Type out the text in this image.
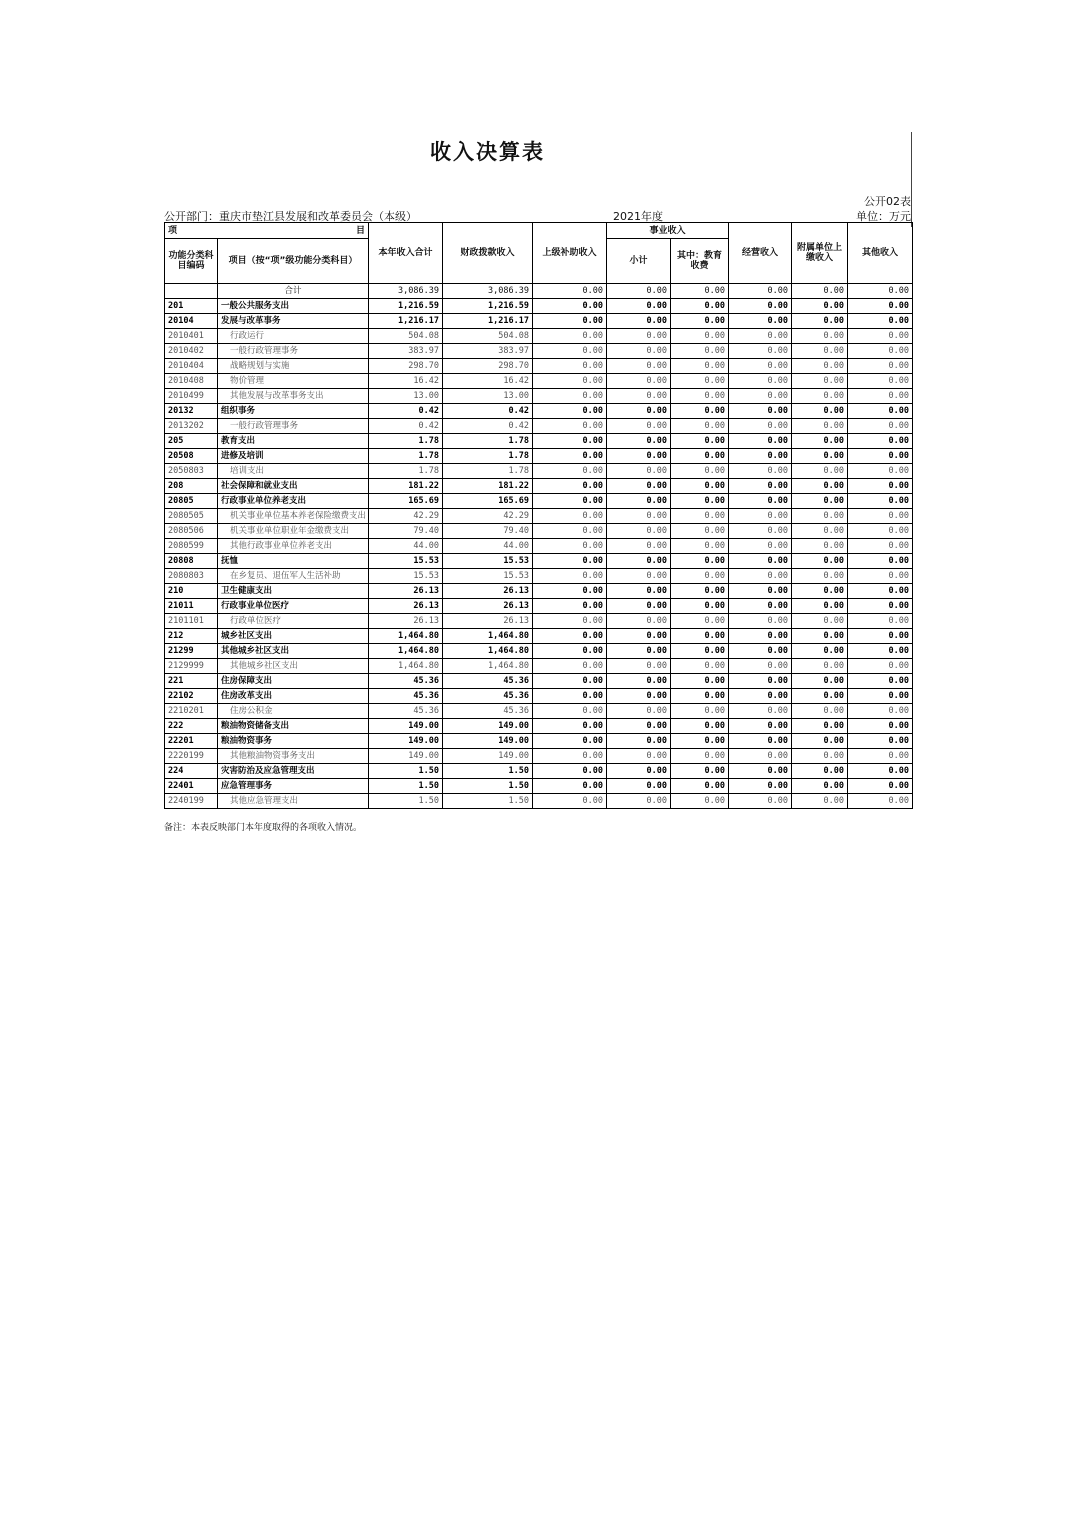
收入决算表
公开02表
单位：万元
公开部门：重庆市垫江县发展和改革委员会（本级）	2021年度
项 目		本年收入合计	财政拨款收入	上级补助收入	事业收入		经营收入	附属单位上缴收入	其他收入
功能分类科目编码	项目（按“项”级功能分类科目）				小计	其中：教育收费			

	合计	3,086.39	3,086.39	0.00	0.00	0.00	0.00	0.00	0.00
201	一般公共服务支出	1,216.59	1,216.59	0.00	0.00	0.00	0.00	0.00	0.00
20104	发展与改革事务	1,216.17	1,216.17	0.00	0.00	0.00	0.00	0.00	0.00
2010401	行政运行	504.08	504.08	0.00	0.00	0.00	0.00	0.00	0.00
2010402	一般行政管理事务	383.97	383.97	0.00	0.00	0.00	0.00	0.00	0.00
2010404	战略规划与实施	298.70	298.70	0.00	0.00	0.00	0.00	0.00	0.00
2010408	物价管理	16.42	16.42	0.00	0.00	0.00	0.00	0.00	0.00
2010499	其他发展与改革事务支出	13.00	13.00	0.00	0.00	0.00	0.00	0.00	0.00
20132	组织事务	0.42	0.42	0.00	0.00	0.00	0.00	0.00	0.00
2013202	一般行政管理事务	0.42	0.42	0.00	0.00	0.00	0.00	0.00	0.00
205	教育支出	1.78	1.78	0.00	0.00	0.00	0.00	0.00	0.00
20508	进修及培训	1.78	1.78	0.00	0.00	0.00	0.00	0.00	0.00
2050803	培训支出	1.78	1.78	0.00	0.00	0.00	0.00	0.00	0.00
208	社会保障和就业支出	181.22	181.22	0.00	0.00	0.00	0.00	0.00	0.00
20805	行政事业单位养老支出	165.69	165.69	0.00	0.00	0.00	0.00	0.00	0.00
2080505	机关事业单位基本养老保险缴费支出	42.29	42.29	0.00	0.00	0.00	0.00	0.00	0.00
2080506	机关事业单位职业年金缴费支出	79.40	79.40	0.00	0.00	0.00	0.00	0.00	0.00
2080599	其他行政事业单位养老支出	44.00	44.00	0.00	0.00	0.00	0.00	0.00	0.00
20808	抚恤	15.53	15.53	0.00	0.00	0.00	0.00	0.00	0.00
2080803	在乡复员、退伍军人生活补助	15.53	15.53	0.00	0.00	0.00	0.00	0.00	0.00
210	卫生健康支出	26.13	26.13	0.00	0.00	0.00	0.00	0.00	0.00
21011	行政事业单位医疗	26.13	26.13	0.00	0.00	0.00	0.00	0.00	0.00
2101101	行政单位医疗	26.13	26.13	0.00	0.00	0.00	0.00	0.00	0.00
212	城乡社区支出	1,464.80	1,464.80	0.00	0.00	0.00	0.00	0.00	0.00
21299	其他城乡社区支出	1,464.80	1,464.80	0.00	0.00	0.00	0.00	0.00	0.00
2129999	其他城乡社区支出	1,464.80	1,464.80	0.00	0.00	0.00	0.00	0.00	0.00
221	住房保障支出	45.36	45.36	0.00	0.00	0.00	0.00	0.00	0.00
22102	住房改革支出	45.36	45.36	0.00	0.00	0.00	0.00	0.00	0.00
2210201	住房公积金	45.36	45.36	0.00	0.00	0.00	0.00	0.00	0.00
222	粮油物资储备支出	149.00	149.00	0.00	0.00	0.00	0.00	0.00	0.00
22201	粮油物资事务	149.00	149.00	0.00	0.00	0.00	0.00	0.00	0.00
2220199	其他粮油物资事务支出	149.00	149.00	0.00	0.00	0.00	0.00	0.00	0.00
224	灾害防治及应急管理支出	1.50	1.50	0.00	0.00	0.00	0.00	0.00	0.00
22401	应急管理事务	1.50	1.50	0.00	0.00	0.00	0.00	0.00	0.00
2240199	其他应急管理支出	1.50	1.50	0.00	0.00	0.00	0.00	0.00	0.00
备注：本表反映部门本年度取得的各项收入情况。
